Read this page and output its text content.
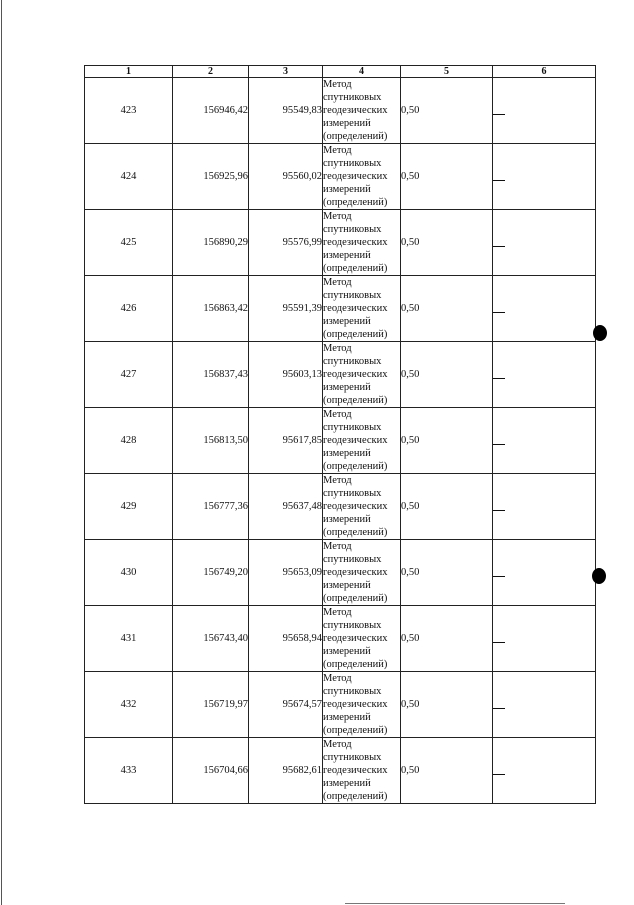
1	2	3	4	5	6
423	156946,42	95549,83	Метод
спутниковых
геодезических
измерений
(определений)	0,50	
424	156925,96	95560,02	Метод
спутниковых
геодезических
измерений
(определений)	0,50	
425	156890,29	95576,99	Метод
спутниковых
геодезических
измерений
(определений)	0,50	
426	156863,42	95591,39	Метод
спутниковых
геодезических
измерений
(определений)	0,50	
427	156837,43	95603,13	Метод
спутниковых
геодезических
измерений
(определений)	0,50	
428	156813,50	95617,85	Метод
спутниковых
геодезических
измерений
(определений)	0,50	
429	156777,36	95637,48	Метод
спутниковых
геодезических
измерений
(определений)	0,50	
430	156749,20	95653,09	Метод
спутниковых
геодезических
измерений
(определений)	0,50	
431	156743,40	95658,94	Метод
спутниковых
геодезических
измерений
(определений)	0,50	
432	156719,97	95674,57	Метод
спутниковых
геодезических
измерений
(определений)	0,50	
433	156704,66	95682,61	Метод
спутниковых
геодезических
измерений
(определений)	0,50	
